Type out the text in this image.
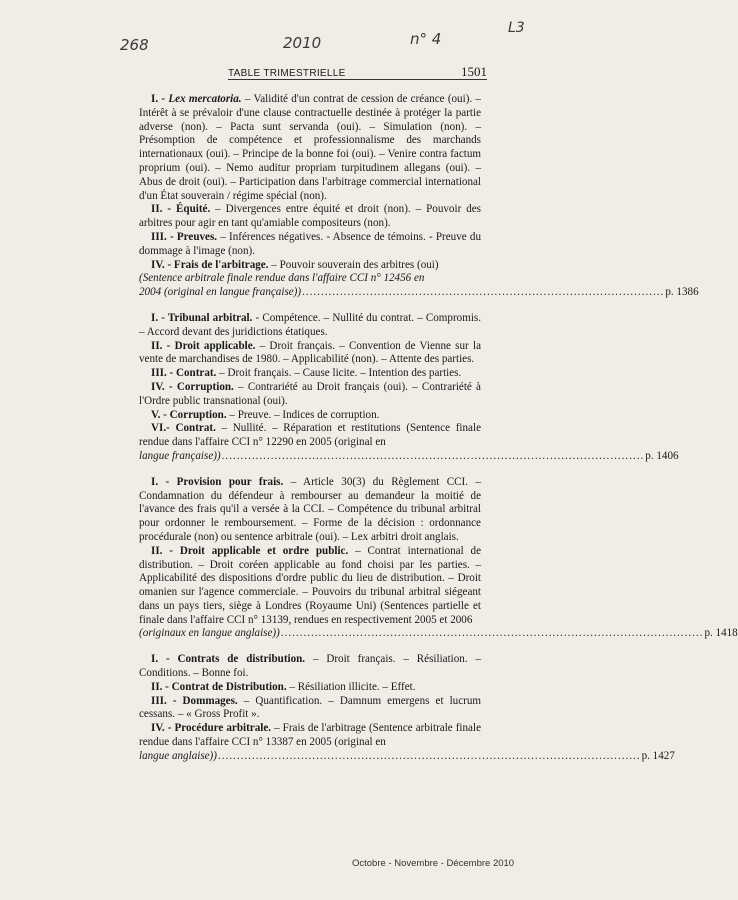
268	2010	n° 4
L3
TABLE TRIMESTRIELLE	1501

I. - Lex mercatoria. – Validité d'un contrat de cession de créance (oui). – Intérêt à se prévaloir d'une clause contractuelle destinée à protéger la partie adverse (non). – Pacta sunt servanda (oui). – Simulation (non). – Présomption de compétence et professionnalisme des marchands internationaux (oui). – Principe de la bonne foi (oui). – Venire contra factum proprium (oui). – Nemo auditur propriam turpitudinem allegans (oui). – Abus de droit (oui). – Participation dans l'arbitrage commercial international d'un État souverain / régime spécial (non).

II. - Équité. – Divergences entre équité et droit (non). – Pouvoir des arbitres pour agir en tant qu'amiable compositeurs (non).

III. - Preuves. – Inférences négatives. - Absence de témoins. - Preuve du dommage à l'image (non).

IV. - Frais de l'arbitrage. – Pouvoir souverain des arbitres (oui)

(Sentence arbitrale finale rendue dans l'affaire CCI n° 12456 en

2004 (original en langue française)) ................................................................................................ p. 1386

I. - Tribunal arbitral. - Compétence. – Nullité du contrat. – Compromis. – Accord devant des juridictions étatiques.

II. - Droit applicable. – Droit français. – Convention de Vienne sur la vente de marchandises de 1980. – Applicabilité (non). – Attente des parties.

III. - Contrat. – Droit français. – Cause licite. – Intention des parties.

IV. - Corruption. – Contrariété au Droit français (oui). – Contrariété à l'Ordre public transnational (oui).

V. - Corruption. – Preuve. – Indices de corruption.

VI.- Contrat. – Nullité. – Réparation et restitutions (Sentence finale rendue dans l'affaire CCI n° 12290 en 2005 (original en

langue française)) ................................................................................................................ p. 1406

I. - Provision pour frais. – Article 30(3) du Règlement CCI. – Condamnation du défendeur à rembourser au demandeur la moitié de l'avance des frais qu'il a versée à la CCI. – Compétence du tribunal arbitral pour ordonner le remboursement. – Forme de la décision : ordonnance procédurale (non) ou sentence arbitrale (oui). – Lex arbitri droit anglais.

II. - Droit applicable et ordre public. – Contrat international de distribution. – Droit coréen applicable au fond choisi par les parties. – Applicabilité des dispositions d'ordre public du lieu de distribution. – Droit omanien sur l'agence commerciale. – Pouvoirs du tribunal arbitral siégeant dans un pays tiers, siège à Londres (Royaume Uni) (Sentences partielle et finale dans l'affaire CCI n° 13139, rendues en respectivement 2005 et 2006

(originaux en langue anglaise)) ................................................................................................................ p. 1418

I. - Contrats de distribution. – Droit français. – Résiliation. – Conditions. – Bonne foi.

II. - Contrat de Distribution. – Résiliation illicite. – Effet.

III. - Dommages. – Quantification. – Damnum emergens et lucrum cessans. – « Gross Profit ».

IV. - Procédure arbitrale. – Frais de l'arbitrage (Sentence arbitrale finale rendue dans l'affaire CCI n° 13387 en 2005 (original en

langue anglaise)) ................................................................................................................ p. 1427
Octobre - Novembre - Décembre 2010
